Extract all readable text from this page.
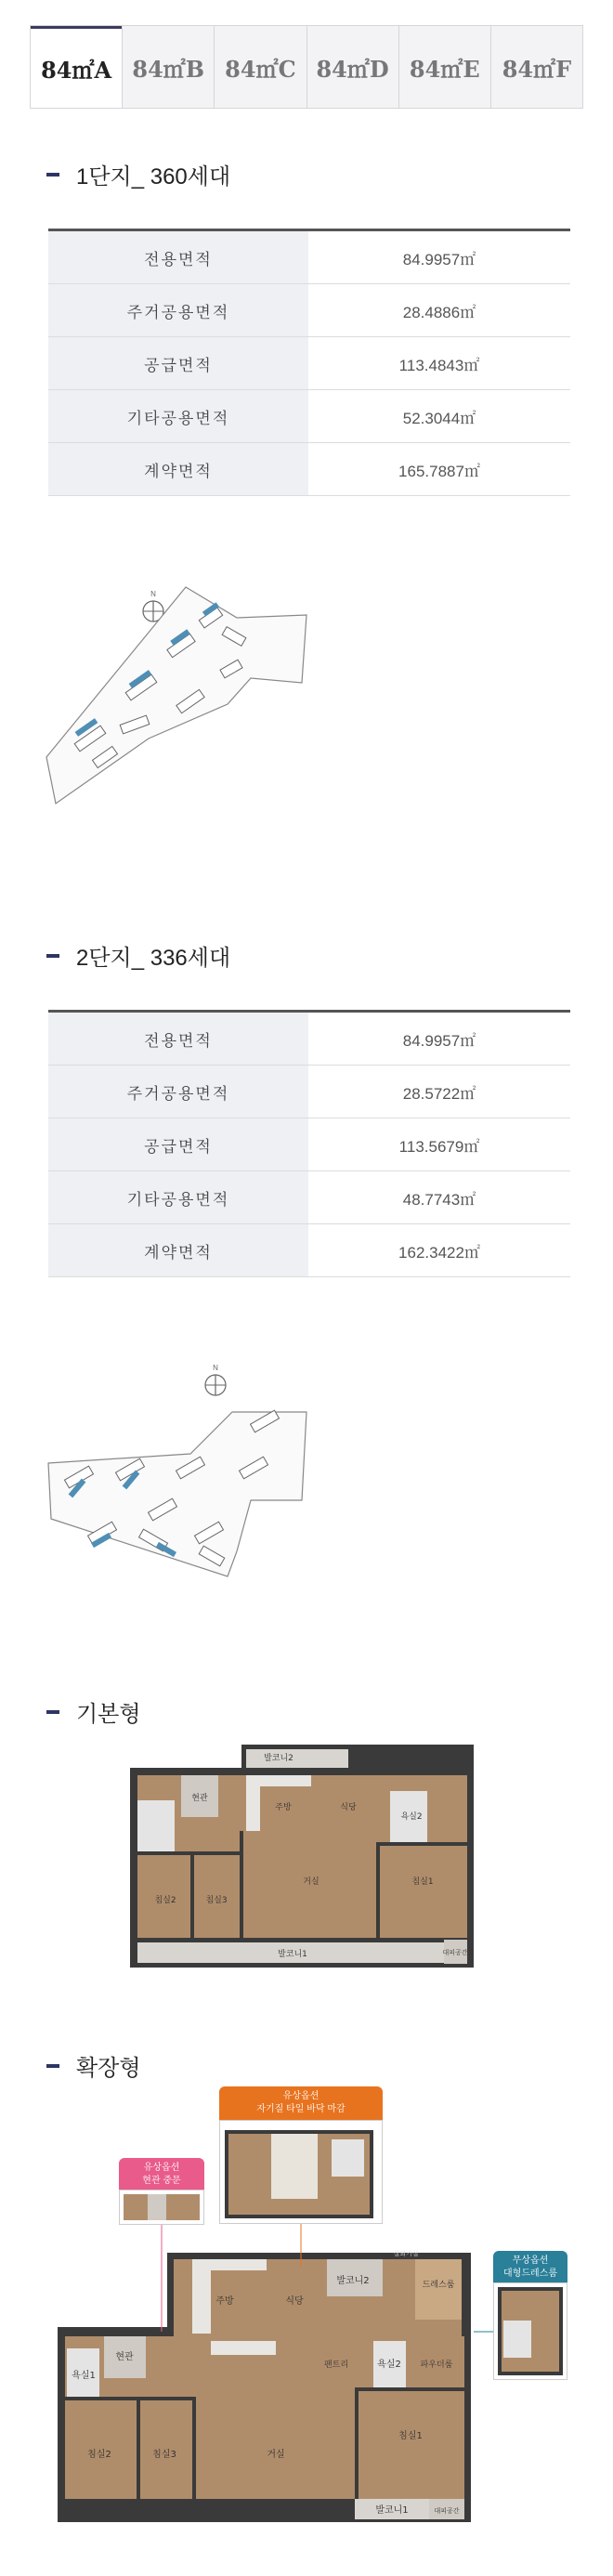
84㎡A 84㎡B 84㎡C 84㎡D 84㎡E	84㎡F
1단지_ 360세대
전용면적	84.9957㎡
주거공용면적	28.4886㎡
공급면적	113.4843㎡
기타공용면적	52.3044㎡
계약면적	165.7887㎡
N
2단지_ 336세대
전용면적	84.9957㎡
주거공용면적	28.5722㎡
공급면적	113.5679㎡
기타공용면적	48.7743㎡
계약면적	162.3422㎡
N
기본형
발코니2
현관
주방	식당
욕실2
침실2	침실3
거실	침실1
발코니1	대피공간
확장형
유상옵션
자기질 타일 바닥 마감
유상옵션
현관 중문
무상옵션
대형드레스룸
주방	식당
발코니2	드레스룸
현관
욕실1
욕실2 파우더룸
팬트리
침실2	침실3	거실
침실1
발코니1	대피공간
실외기실
